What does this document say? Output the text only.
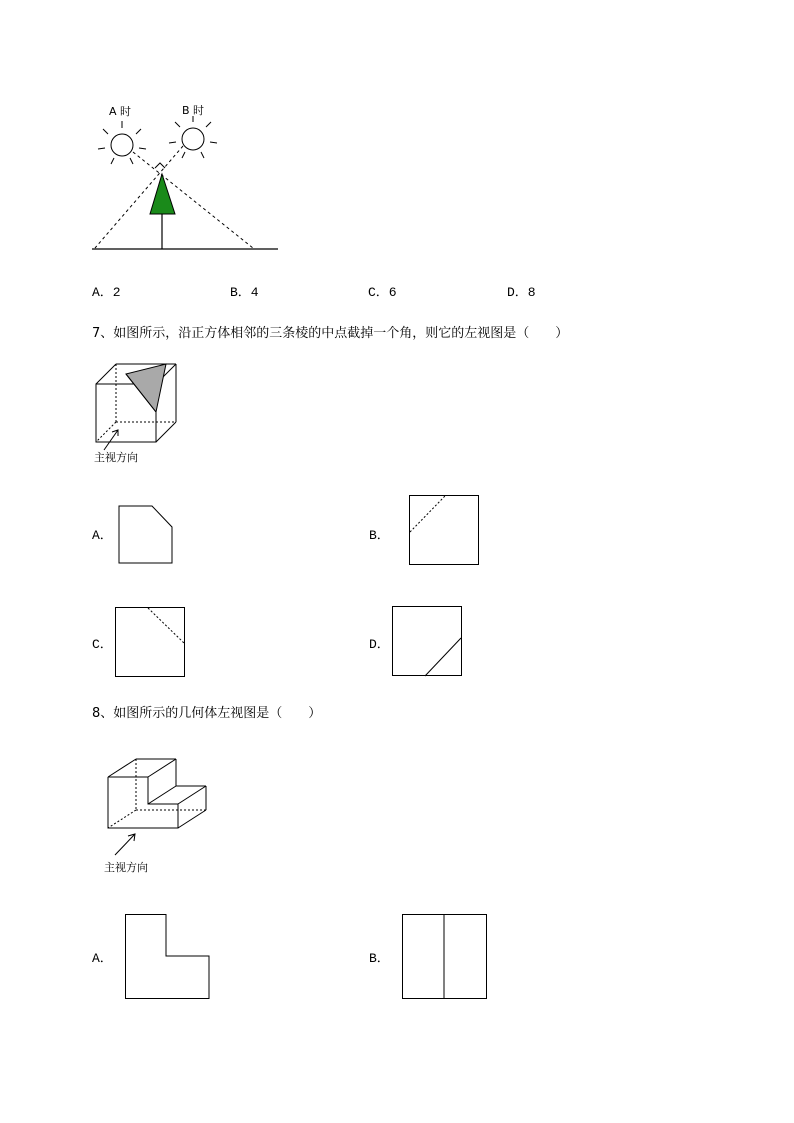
A 时	B 时
A．2	B．4	C．6	D．8
7、如图所示，沿正方体相邻的三条棱的中点截掉一个角，则它的左视图是（　　）
主视方向
A．	B．
C．	D．
8、如图所示的几何体左视图是（　　）
主视方向
A．	B．
